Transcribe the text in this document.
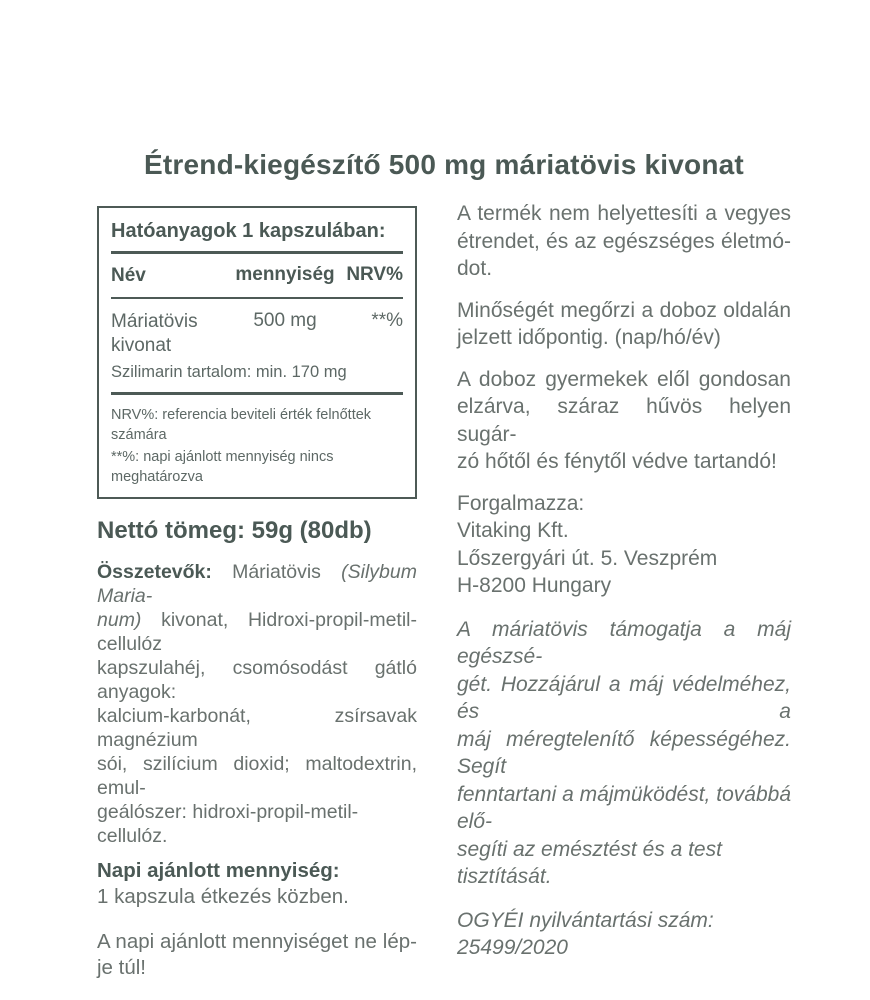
Étrend-kiegészítő 500 mg máriatövis kivonat
Hatóanyagok 1 kapszulában:
Név	mennyiség NRV%
Máriatövis
kivonat
500 mg	**%
Szilimarin tartalom: min. 170 mg
NRV%: referencia beviteli érték felnőttek számára
**%: napi ajánlott mennyiség nincs meghatározva
Nettó tömeg: 59g (80db)
Összetevők: Máriatövis (Silybum Maria-
num) kivonat, Hidroxi-propil-metil-cellulóz
kapszulahéj, csomósodást gátló anyagok:
kalcium-karbonát, zsírsavak magnézium
sói, szilícium dioxid; maltodextrin, emul-
geálószer: hidroxi-propil-metil-cellulóz.
Napi ajánlott mennyiség:
1 kapszula étkezés közben.
A napi ajánlott mennyiséget ne lép-
je túl!
A termék nem helyettesíti a vegyes
étrendet, és az egészséges életmó-
dot.
Minőségét megőrzi a doboz oldalán
jelzett időpontig. (nap/hó/év)
A doboz gyermekek elől gondosan
elzárva, száraz hűvös helyen sugár-
zó hőtől és fénytől védve tartandó!
Forgalmazza:
Vitaking Kft.
Lőszergyári út. 5. Veszprém
H-8200 Hungary
A máriatövis támogatja a máj egészsé-
gét. Hozzájárul a máj védelméhez, és a
máj méregtelenítő képességéhez. Segít
fenntartani a májmüködést, továbbá elő-
segíti az emésztést és a test tisztítását.
OGYÉI nyilvántartási szám: 25499/2020
